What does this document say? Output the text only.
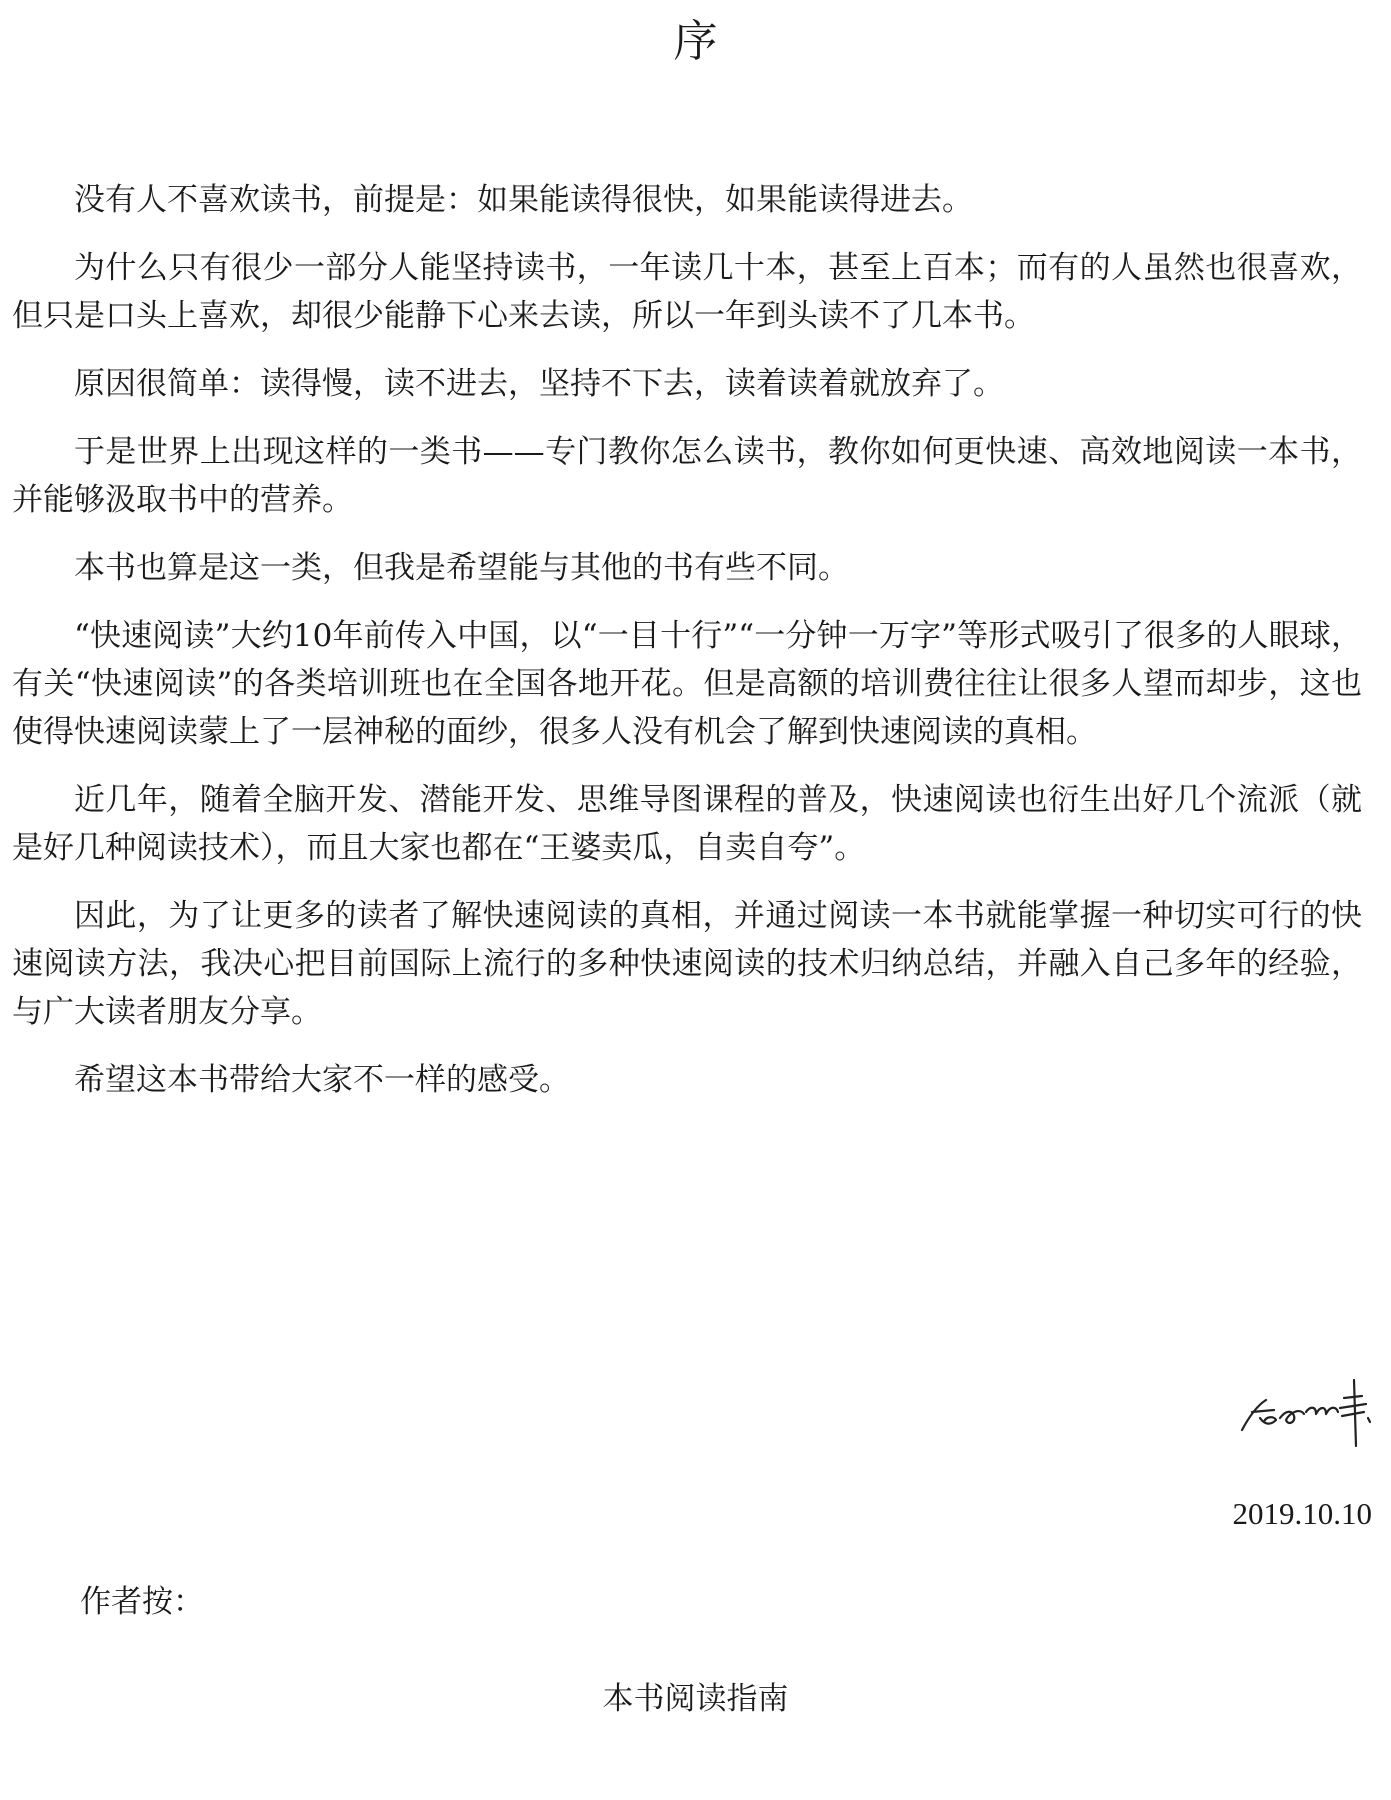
序

没有人不喜欢读书，前提是：如果能读得很快，如果能读得进去。

为什么只有很少一部分人能坚持读书，一年读几十本，甚至上百本；而有的人虽然也很喜欢，但只是口头上喜欢，却很少能静下心来去读，所以一年到头读不了几本书。

原因很简单：读得慢，读不进去，坚持不下去，读着读着就放弃了。

于是世界上出现这样的一类书——专门教你怎么读书，教你如何更快速、高效地阅读一本书，并能够汲取书中的营养。

本书也算是这一类，但我是希望能与其他的书有些不同。

“快速阅读”大约10年前传入中国，以“一目十行”“一分钟一万字”等形式吸引了很多的人眼球，有关“快速阅读”的各类培训班也在全国各地开花。但是高额的培训费往往让很多人望而却步，这也使得快速阅读蒙上了一层神秘的面纱，很多人没有机会了解到快速阅读的真相。

近几年，随着全脑开发、潜能开发、思维导图课程的普及，快速阅读也衍生出好几个流派（就是好几种阅读技术），而且大家也都在“王婆卖瓜，自卖自夸”。

因此，为了让更多的读者了解快速阅读的真相，并通过阅读一本书就能掌握一种切实可行的快速阅读方法，我决心把目前国际上流行的多种快速阅读的技术归纳总结，并融入自己多年的经验，与广大读者朋友分享。

希望这本书带给大家不一样的感受。

2019.10.10
作者按：
本书阅读指南
